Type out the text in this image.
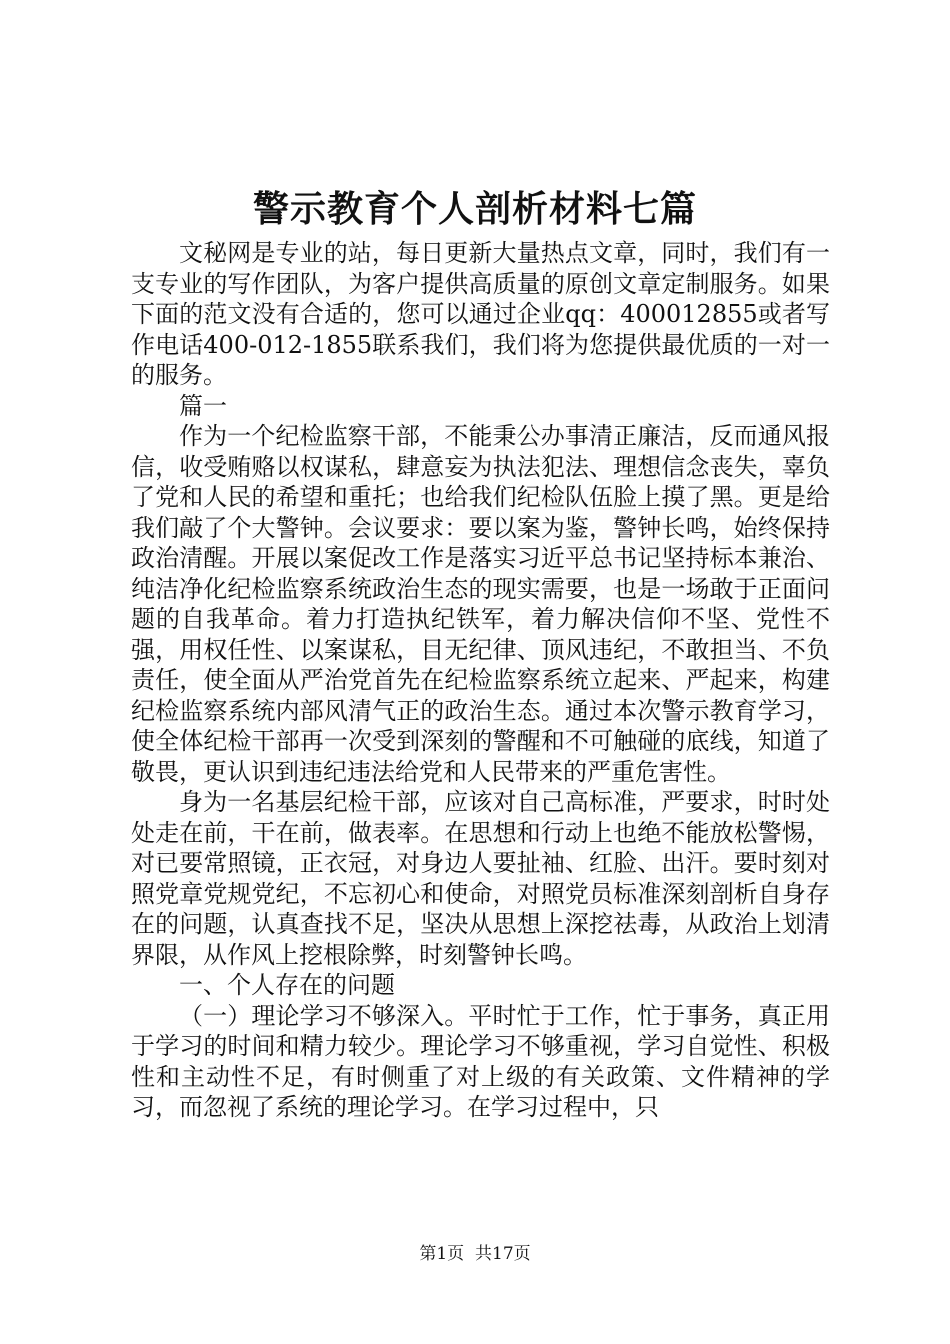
警示教育个人剖析材料七篇

文秘网是专业的站，每日更新大量热点文章，同时，我们有一支专业的写作团队，为客户提供高质量的原创文章定制服务。如果下面的范文没有合适的，您可以通过企业qq：400012855或者写作电话400-012-1855联系我们，我们将为您提供最优质的一对一的服务。

篇一

作为一个纪检监察干部，不能秉公办事清正廉洁，反而通风报信，收受贿赂以权谋私，肆意妄为执法犯法、理想信念丧失，辜负了党和人民的希望和重托；也给我们纪检队伍脸上摸了黑。更是给我们敲了个大警钟。会议要求：要以案为鉴，警钟长鸣，始终保持政治清醒。开展以案促改工作是落实习近平总书记坚持标本兼治、纯洁净化纪检监察系统政治生态的现实需要，也是一场敢于正面问题的自我革命。着力打造执纪铁军，着力解决信仰不坚、党性不强，用权任性、以案谋私，目无纪律、顶风违纪，不敢担当、不负责任，使全面从严治党首先在纪检监察系统立起来、严起来，构建纪检监察系统内部风清气正的政治生态。通过本次警示教育学习，使全体纪检干部再一次受到深刻的警醒和不可触碰的底线，知道了敬畏，更认识到违纪违法给党和人民带来的严重危害性。

身为一名基层纪检干部，应该对自己高标准，严要求，时时处处走在前，干在前，做表率。在思想和行动上也绝不能放松警惕，对已要常照镜，正衣冠，对身边人要扯袖、红脸、出汗。要时刻对照党章党规党纪，不忘初心和使命，对照党员标准深刻剖析自身存在的问题，认真查找不足，坚决从思想上深挖祛毒，从政治上划清界限，从作风上挖根除弊，时刻警钟长鸣。

一、个人存在的问题

（一）理论学习不够深入。平时忙于工作，忙于事务，真正用于学习的时间和精力较少。理论学习不够重视，学习自觉性、积极性和主动性不足，有时侧重了对上级的有关政策、文件精神的学习，而忽视了系统的理论学习。在学习过程中，只

第1页 共17页
